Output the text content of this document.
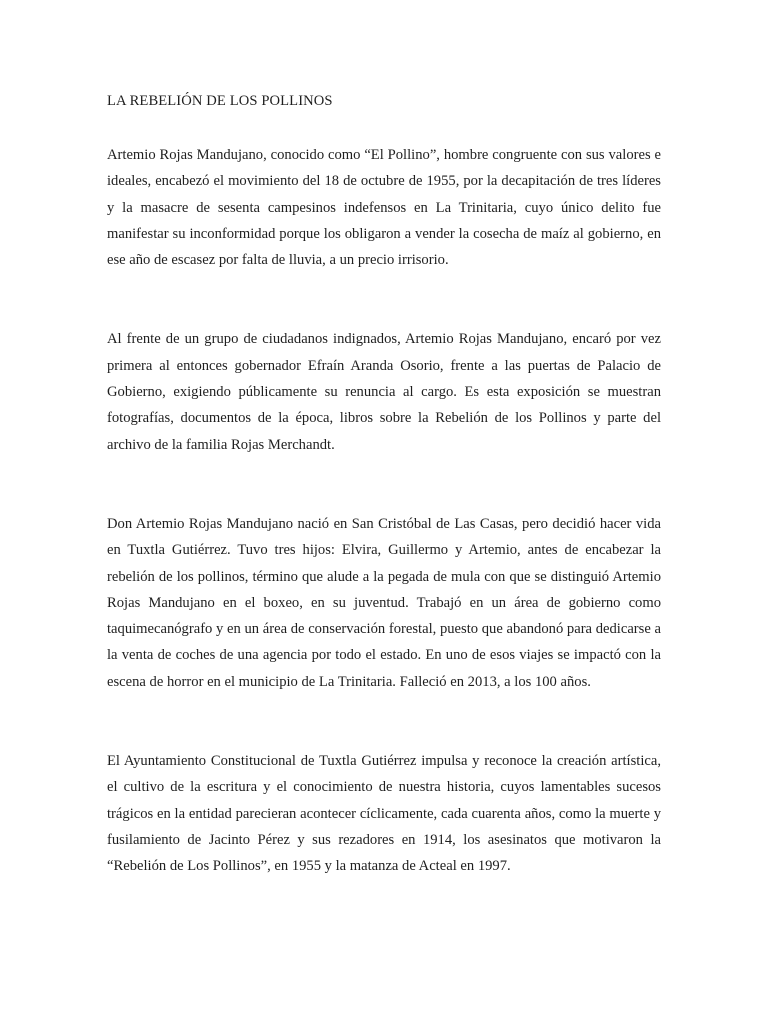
LA REBELIÓN DE LOS POLLINOS

Artemio Rojas Mandujano, conocido como “El Pollino”, hombre congruente con sus valores e ideales, encabezó el movimiento del 18 de octubre de 1955, por la decapitación de tres líderes y la masacre de sesenta campesinos indefensos en La Trinitaria, cuyo único delito fue manifestar su inconformidad porque los obligaron a vender la cosecha de maíz al gobierno, en ese año de escasez por falta de lluvia, a un precio irrisorio.

Al frente de un grupo de ciudadanos indignados, Artemio Rojas Mandujano, encaró por vez primera al entonces gobernador Efraín Aranda Osorio, frente a las puertas de Palacio de Gobierno, exigiendo públicamente su renuncia al cargo. Es esta exposición se muestran fotografías, documentos de la época, libros sobre la Rebelión de los Pollinos y parte del archivo de la familia Rojas Merchandt.

Don Artemio Rojas Mandujano nació en San Cristóbal de Las Casas, pero decidió hacer vida en Tuxtla Gutiérrez. Tuvo tres hijos: Elvira, Guillermo y Artemio, antes de encabezar la rebelión de los pollinos, término que alude a la pegada de mula con que se distinguió Artemio Rojas Mandujano en el boxeo, en su juventud. Trabajó en un área de gobierno como taquimecanógrafo y en un área de conservación forestal, puesto que abandonó para dedicarse a la venta de coches de una agencia por todo el estado. En uno de esos viajes se impactó con la escena de horror en el municipio de La Trinitaria. Falleció en 2013, a los 100 años.

El Ayuntamiento Constitucional de Tuxtla Gutiérrez impulsa y reconoce la creación artística, el cultivo de la escritura y el conocimiento de nuestra historia, cuyos lamentables sucesos trágicos en la entidad parecieran acontecer cíclicamente, cada cuarenta años, como la muerte y fusilamiento de Jacinto Pérez y sus rezadores en 1914, los asesinatos que motivaron la “Rebelión de Los Pollinos”, en 1955 y la matanza de Acteal en 1997.
